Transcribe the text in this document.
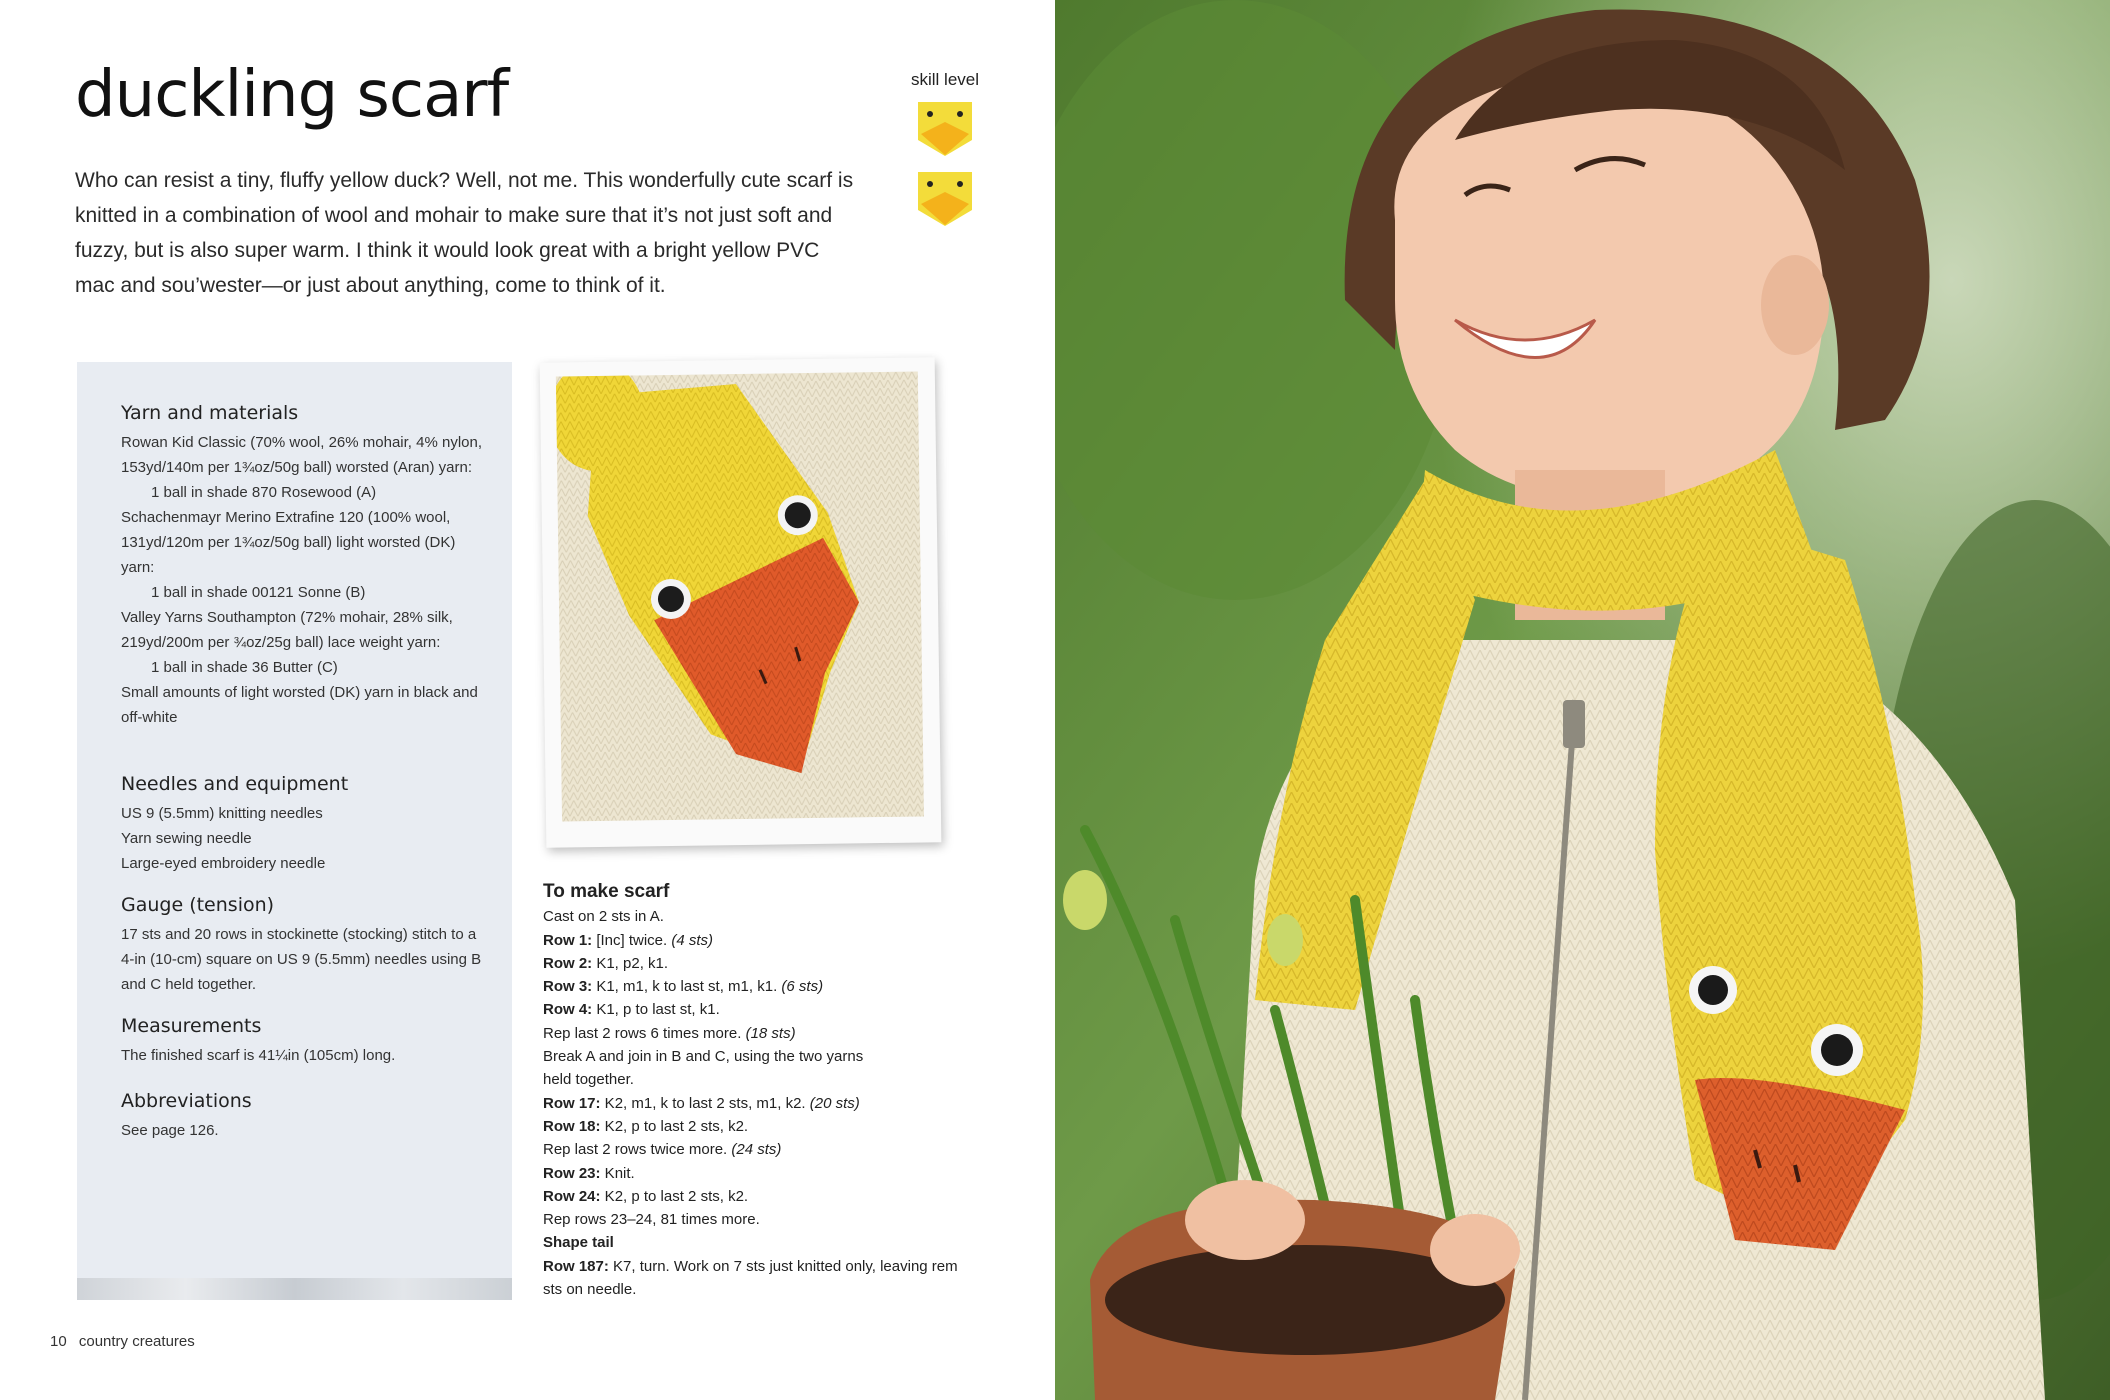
duckling scarf
Who can resist a tiny, fluffy yellow duck? Well, not me. This wonderfully cute scarf is knitted in a combination of wool and mohair to make sure that it’s not just soft and fuzzy, but is also super warm. I think it would look great with a bright yellow PVC mac and sou’wester—or just about anything, come to think of it.
skill level
Yarn and materials

Rowan Kid Classic (70% wool, 26% mohair, 4% nylon, 153yd/140m per 1¾oz/50g ball) worsted (Aran) yarn:

1 ball in shade 870 Rosewood (A)

Schachenmayr Merino Extrafine 120 (100% wool, 131yd/120m per 1¾oz/50g ball) light worsted (DK) yarn:

1 ball in shade 00121 Sonne (B)

Valley Yarns Southampton (72% mohair, 28% silk, 219yd/200m per ¾oz/25g ball) lace weight yarn:

1 ball in shade 36 Butter (C)

Small amounts of light worsted (DK) yarn in black and off-white

Needles and equipment

US 9 (5.5mm) knitting needles

Yarn sewing needle

Large-eyed embroidery needle

Gauge (tension)

17 sts and 20 rows in stockinette (stocking) stitch to a 4-in (10-cm) square on US 9 (5.5mm) needles using B and C held together.

Measurements

The finished scarf is 41¼in (105cm) long.

Abbreviations

See page 126.

To make scarf
Cast on 2 sts in A.
Row 1: [Inc] twice. (4 sts)
Row 2: K1, p2, k1.
Row 3: K1, m1, k to last st, m1, k1. (6 sts)
Row 4: K1, p to last st, k1.
Rep last 2 rows 6 times more. (18 sts)
Break A and join in B and C, using the two yarns held together.
Row 17: K2, m1, k to last 2 sts, m1, k2. (20 sts)
Row 18: K2, p to last 2 sts, k2.
Rep last 2 rows twice more. (24 sts)
Row 23: Knit.
Row 24: K2, p to last 2 sts, k2.
Rep rows 23–24, 81 times more.
Shape tail
Row 187: K7, turn. Work on 7 sts just knitted only, leaving rem sts on needle.
10 country creatures
